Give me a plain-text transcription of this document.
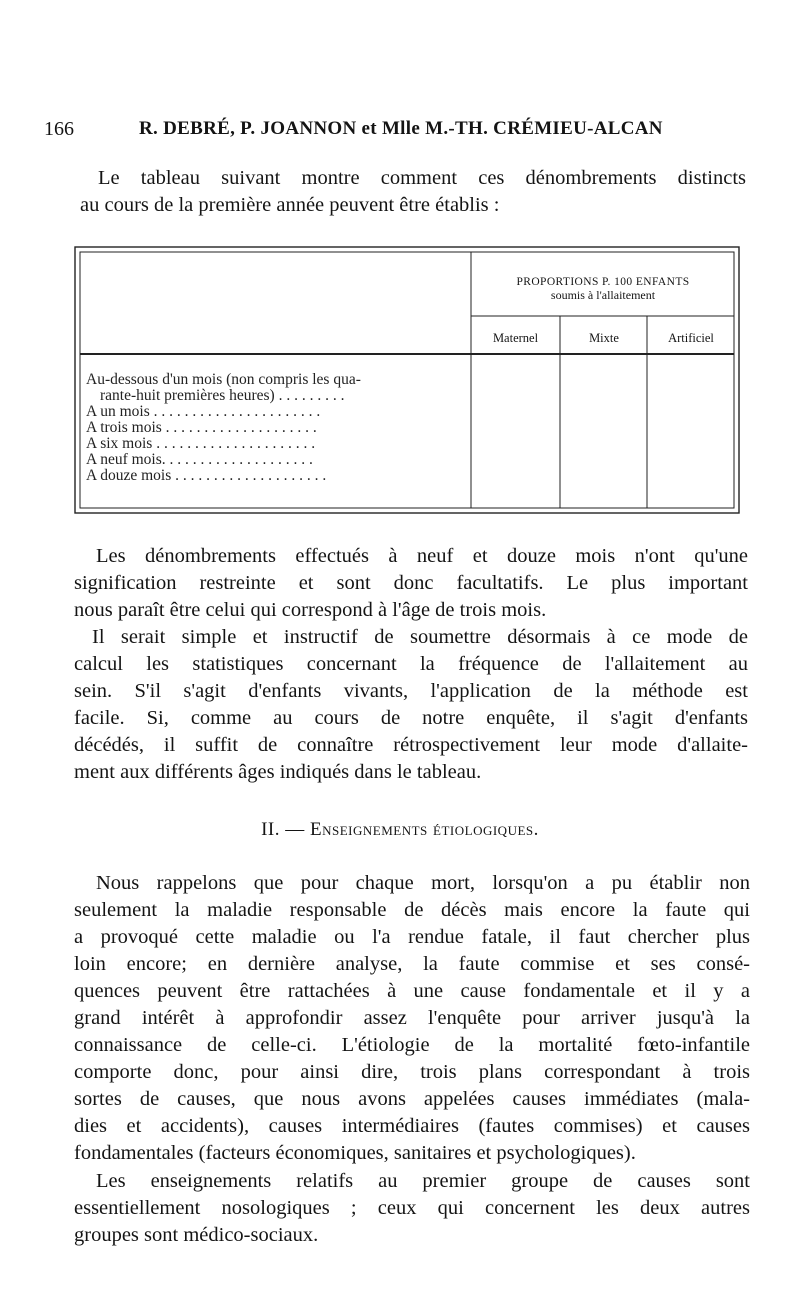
166	R. DEBRÉ, P. JOANNON et Mlle M.-TH. CRÉMIEU-ALCAN
Le tableau suivant montre comment ces dénombrements distincts
au cours de la première année peuvent être établis :
PROPORTIONS P. 100 ENFANTS
soumis à l'allaitement
Maternel	Mixte	Artificiel
Au-dessous d'un mois (non compris les qua-
rante-huit premières heures) . . . . . . . . .
A un mois . . . . . . . . . . . . . . . . . . . . . .
A trois mois . . . . . . . . . . . . . . . . . . . .
A six mois . . . . . . . . . . . . . . . . . . . . .
A neuf mois. . . . . . . . . . . . . . . . . . . .
A douze mois . . . . . . . . . . . . . . . . . . . .
Les dénombrements effectués à neuf et douze mois n'ont qu'une
signification restreinte et sont donc facultatifs. Le plus important
nous paraît être celui qui correspond à l'âge de trois mois.
Il serait simple et instructif de soumettre désormais à ce mode de
calcul les statistiques concernant la fréquence de l'allaitement au
sein. S'il s'agit d'enfants vivants, l'application de la méthode est
facile. Si, comme au cours de notre enquête, il s'agit d'enfants
décédés, il suffit de connaître rétrospectivement leur mode d'allaite-
ment aux différents âges indiqués dans le tableau.
II. — Enseignements étiologiques.
Nous rappelons que pour chaque mort, lorsqu'on a pu établir non
seulement la maladie responsable de décès mais encore la faute qui
a provoqué cette maladie ou l'a rendue fatale, il faut chercher plus
loin encore; en dernière analyse, la faute commise et ses consé-
quences peuvent être rattachées à une cause fondamentale et il y a
grand intérêt à approfondir assez l'enquête pour arriver jusqu'à la
connaissance de celle-ci. L'étiologie de la mortalité fœto-infantile
comporte donc, pour ainsi dire, trois plans correspondant à trois
sortes de causes, que nous avons appelées causes immédiates (mala-
dies et accidents), causes intermédiaires (fautes commises) et causes
fondamentales (facteurs économiques, sanitaires et psychologiques).
Les enseignements relatifs au premier groupe de causes sont
essentiellement nosologiques ; ceux qui concernent les deux autres
groupes sont médico-sociaux.
